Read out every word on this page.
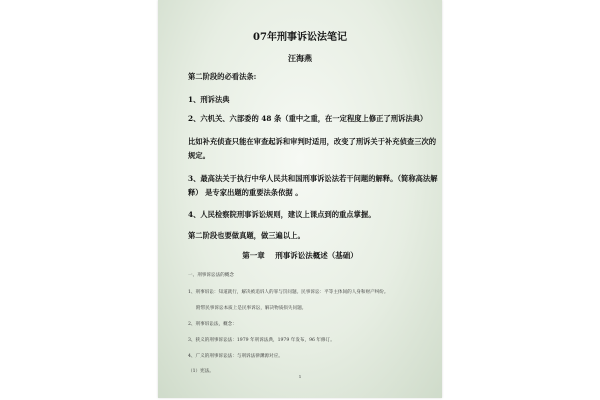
07年刑事诉讼法笔记
汪海燕
第二阶段的必看法条:
1、刑诉法典
2、六机关、六部委的 48 条（重中之重，在一定程度上修正了刑诉法典）
比如补充侦查只能在审查起诉和审判时适用，改变了刑诉关于补充侦查三次的
规定。
3、最高法关于执行中华人民共和国刑事诉讼法若干问题的解释。（简称高法解
释） 是专家出题的重要法条依据 。
4、人民检察院刑事诉讼规则，建议上课点到的重点掌握。
第二阶段也要做真题，做三遍以上。
第一章    刑事诉讼法概述（基础）
一、刑事诉讼法的概念
1、刑事诉讼：知道就行，解决被追诉人的罪与罚问题。民事诉讼：平等主体间的人身和财产纠纷。
附带民事诉讼本质上是民事诉讼，解决物质损失问题。
2、刑事诉讼法，概念：
3、狭义的刑事诉讼法：1979 年刑诉法典，1979 年发布，96 年修订。
4、广义的刑事诉讼法：与刑诉法律渊源对应。
（1）宪法。
1
